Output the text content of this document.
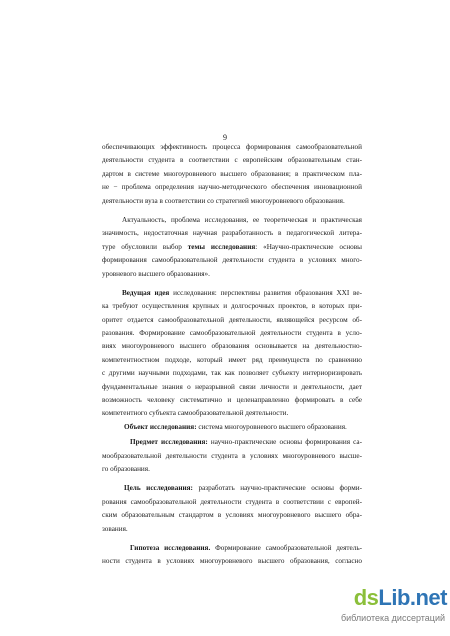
9
обеспечивающих эффективность процесса формирования самообразовательной
деятельности студента в соответствии с европейским образовательным стан-
дартом в системе многоуровневого высшего образования; в практическом пла-
не − проблема определения научно-методического обеспечения инновационной
деятельности вуза в соответствии со стратегией многоуровневого образования.
Актуальность, проблема исследования, ее теоретическая и практическая
значимость, недостаточная научная разработанность в педагогической литера-
туре обусловили выбор темы исследования: «Научно-практические основы
формирования самообразовательной деятельности студента в условиях много-
уровневого высшего образования».
Ведущая идея исследования: перспективы развития образования XXI ве-
ка требуют осуществления крупных и долгосрочных проектов, в которых при-
оритет отдается самообразовательной деятельности, являющейся ресурсом об-
разования. Формирование самообразовательной деятельности студента в усло-
виях многоуровневого высшего образования основывается на деятельностно-
компетентностном подходе, который имеет ряд преимуществ по сравнению
с другими научными подходами, так как позволяет субъекту интериоризировать
фундаментальные знания о неразрывной связи личности и деятельности, дает
возможность человеку систематично и целенаправленно формировать в себе
компетентного субъекта самообразовательной деятельности.
Объект исследования: система многоуровневого высшего образования.
Предмет исследования: научно-практические основы формирования са-
мообразовательной деятельности студента в условиях многоуровневого высше-
го образования.
Цель исследования: разработать научно-практические основы форми-
рования самообразовательной деятельности студента в соответствии с европей-
ским образовательным стандартом в условиях многоуровневого высшего обра-
зования.
Гипотеза исследования. Формирование самообразовательной деятель-
ности студента в условиях многоуровневого высшего образования, согласно
dsLib.net
библиотека диссертаций
